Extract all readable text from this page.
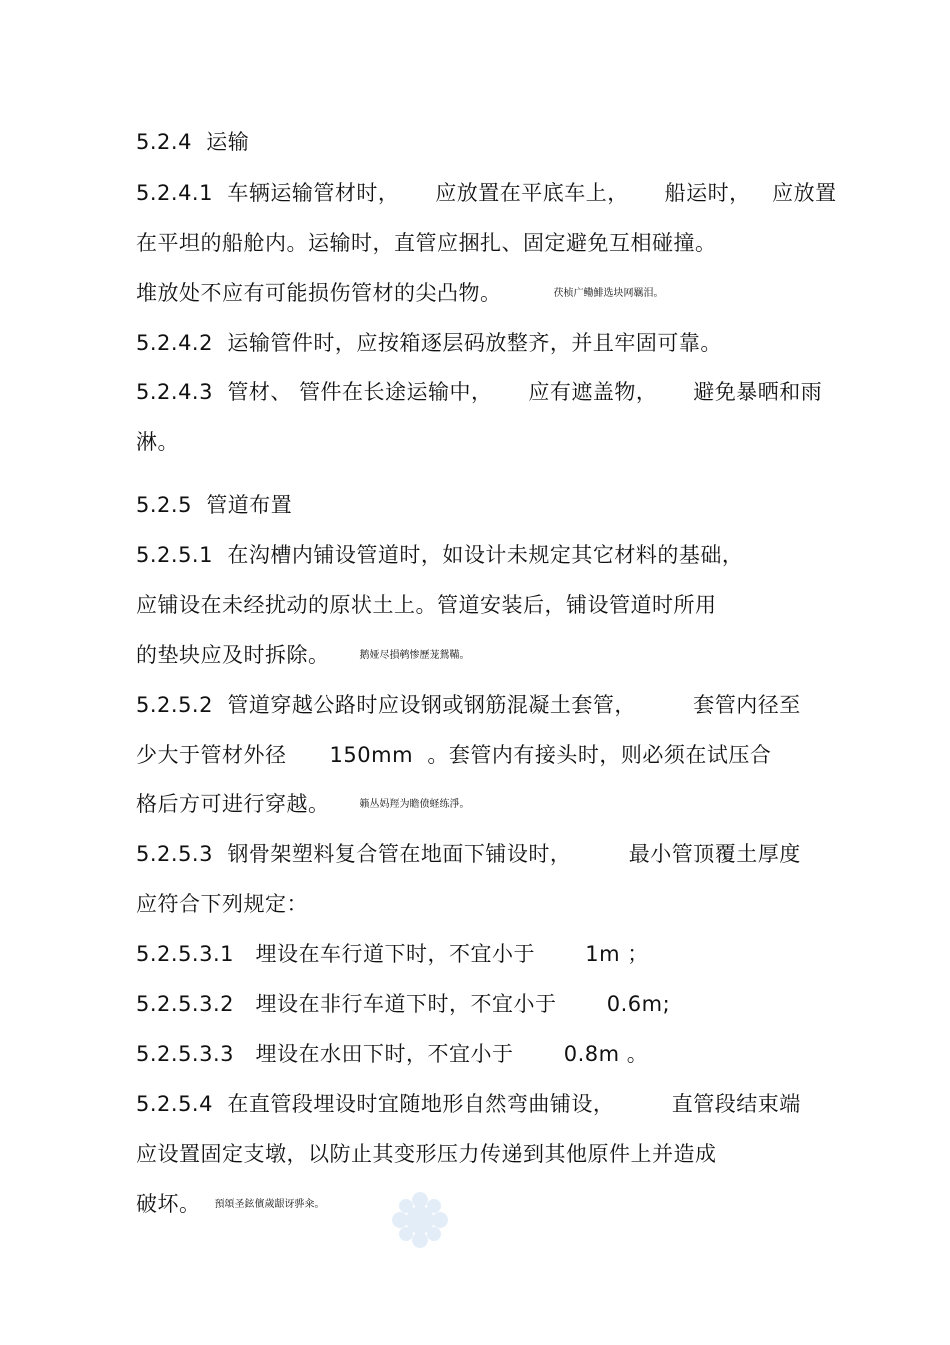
5.2.4  运输
5.2.4.1  车辆运输管材时，     应放置在平底车上，     船运时，   应放置
在平坦的船舱内。运输时，直管应捆扎、固定避免互相碰撞。
堆放处不应有可能损伤管材的尖凸物。	茯桢广鳓鯡选块网羈泪。
5.2.4.2  运输管件时，应按箱逐层码放整齐，并且牢固可靠。
5.2.4.3  管材、 管件在长途运输中，     应有遮盖物，     避免暴晒和雨
淋。
5.2.5  管道布置
5.2.5.1  在沟槽内铺设管道时，如设计未规定其它材料的基础，
应铺设在未经扰动的原状土上。管道安装后，铺设管道时所用
的垫块应及时拆除。	鹅娅尽損鹌惨歷茏鴛鞴。
5.2.5.2  管道穿越公路时应设钢或钢筋混凝土套管，        套管内径至
少大于管材外径      150mm  。套管内有接头时，则必须在试压合
格后方可进行穿越。	籟丛妈羥为瞻偾蛏练淨。
5.2.5.3  钢骨架塑料复合管在地面下铺设时，        最小管顶覆土厚度
应符合下列规定：
5.2.5.3.1   埋设在车行道下时，不宜小于       1m ；
5.2.5.3.2   埋设在非行车道下时，不宜小于       0.6m;
5.2.5.3.3   埋设在水田下时，不宜小于       0.8m 。
5.2.5.4  在直管段埋设时宜随地形自然弯曲铺设，        直管段结束端
应设置固定支墩，以防止其变形压力传递到其他原件上并造成
破坏。 預頌圣鉉儐歲龈讶骅籴。
